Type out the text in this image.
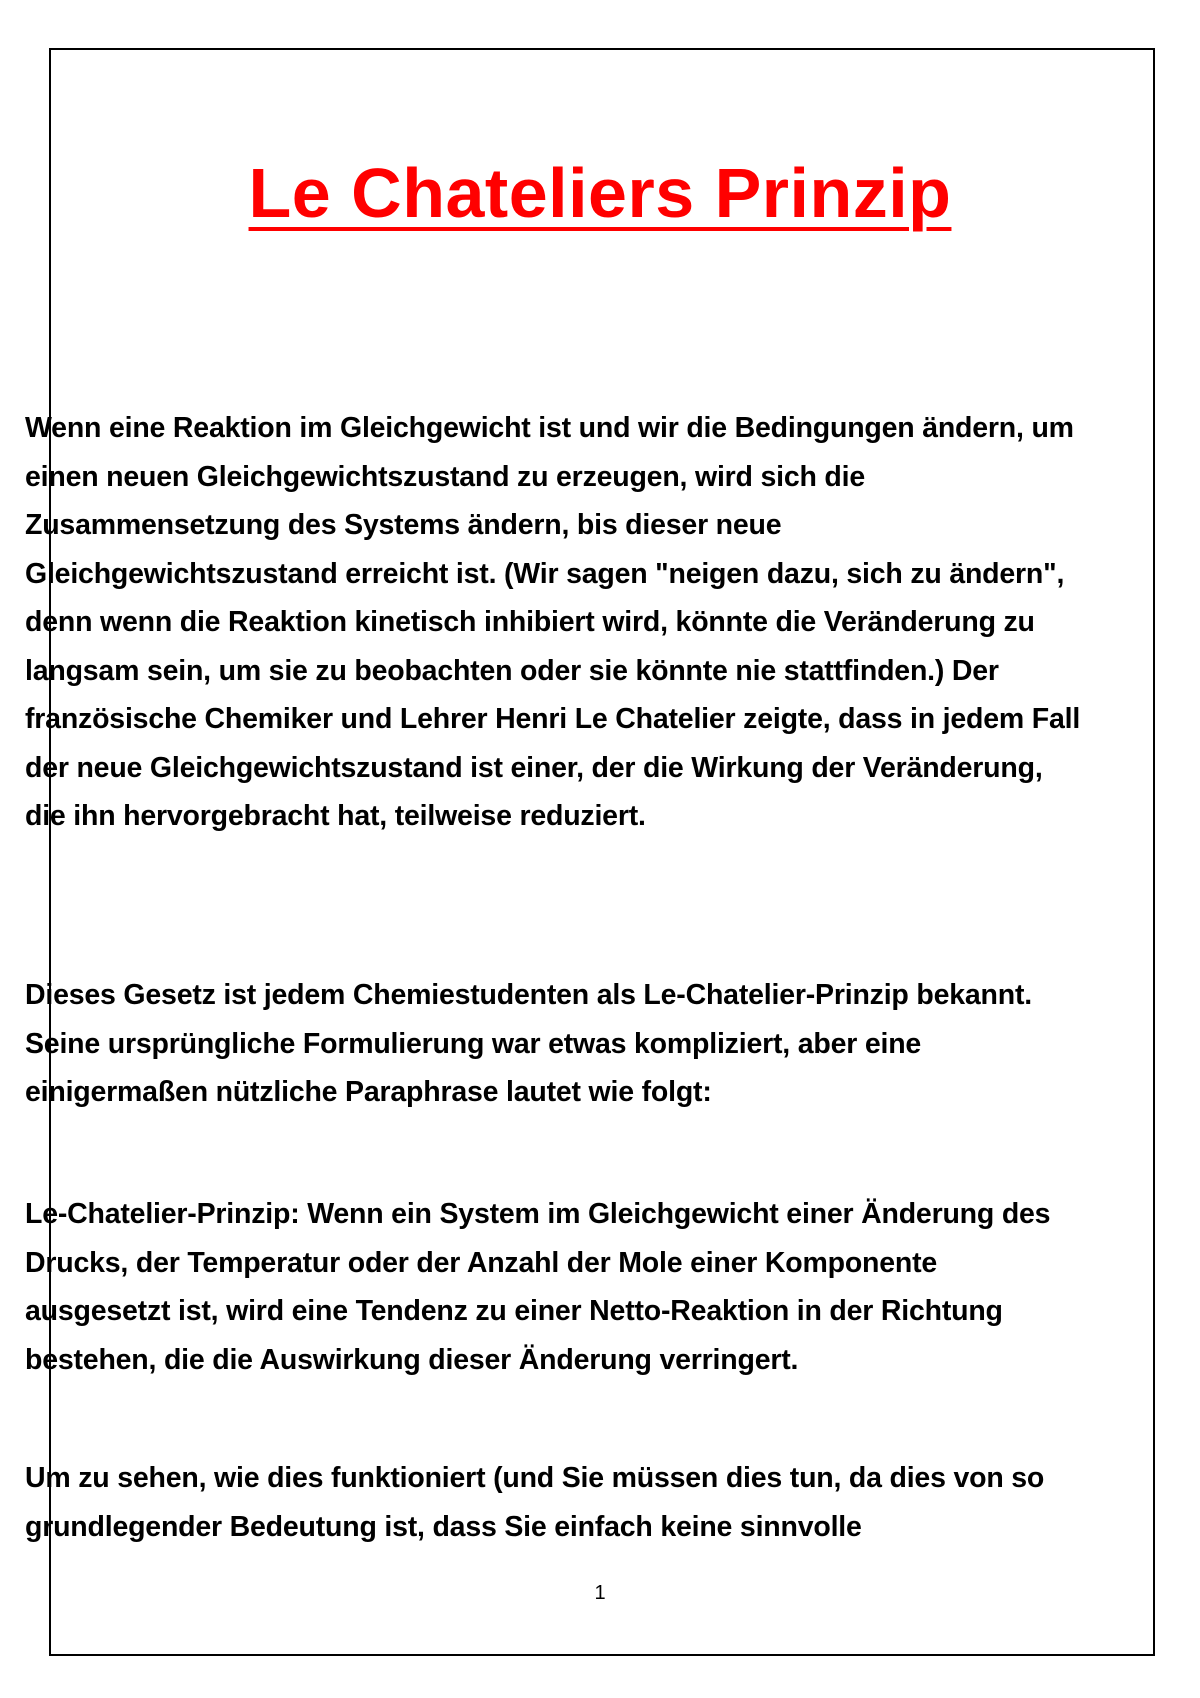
Le Chateliers Prinzip

Wenn eine Reaktion im Gleichgewicht ist und wir die Bedingungen ändern, um einen neuen Gleichgewichtszustand zu erzeugen, wird sich die Zusammensetzung des Systems ändern, bis dieser neue Gleichgewichtszustand erreicht ist. (Wir sagen "neigen dazu, sich zu ändern", denn wenn die Reaktion kinetisch inhibiert wird, könnte die Veränderung zu langsam sein, um sie zu beobachten oder sie könnte nie stattfinden.) Der französische Chemiker und Lehrer Henri Le Chatelier zeigte, dass in jedem Fall der neue Gleichgewichtszustand ist einer, der die Wirkung der Veränderung, die ihn hervorgebracht hat, teilweise reduziert.

Dieses Gesetz ist jedem Chemiestudenten als Le-Chatelier-Prinzip bekannt. Seine ursprüngliche Formulierung war etwas kompliziert, aber eine einigermaßen nützliche Paraphrase lautet wie folgt:

Le-Chatelier-Prinzip: Wenn ein System im Gleichgewicht einer Änderung des Drucks, der Temperatur oder der Anzahl der Mole einer Komponente ausgesetzt ist, wird eine Tendenz zu einer Netto-Reaktion in der Richtung bestehen, die die Auswirkung dieser Änderung verringert.

Um zu sehen, wie dies funktioniert (und Sie müssen dies tun, da dies von so grundlegender Bedeutung ist, dass Sie einfach keine sinnvolle

1
